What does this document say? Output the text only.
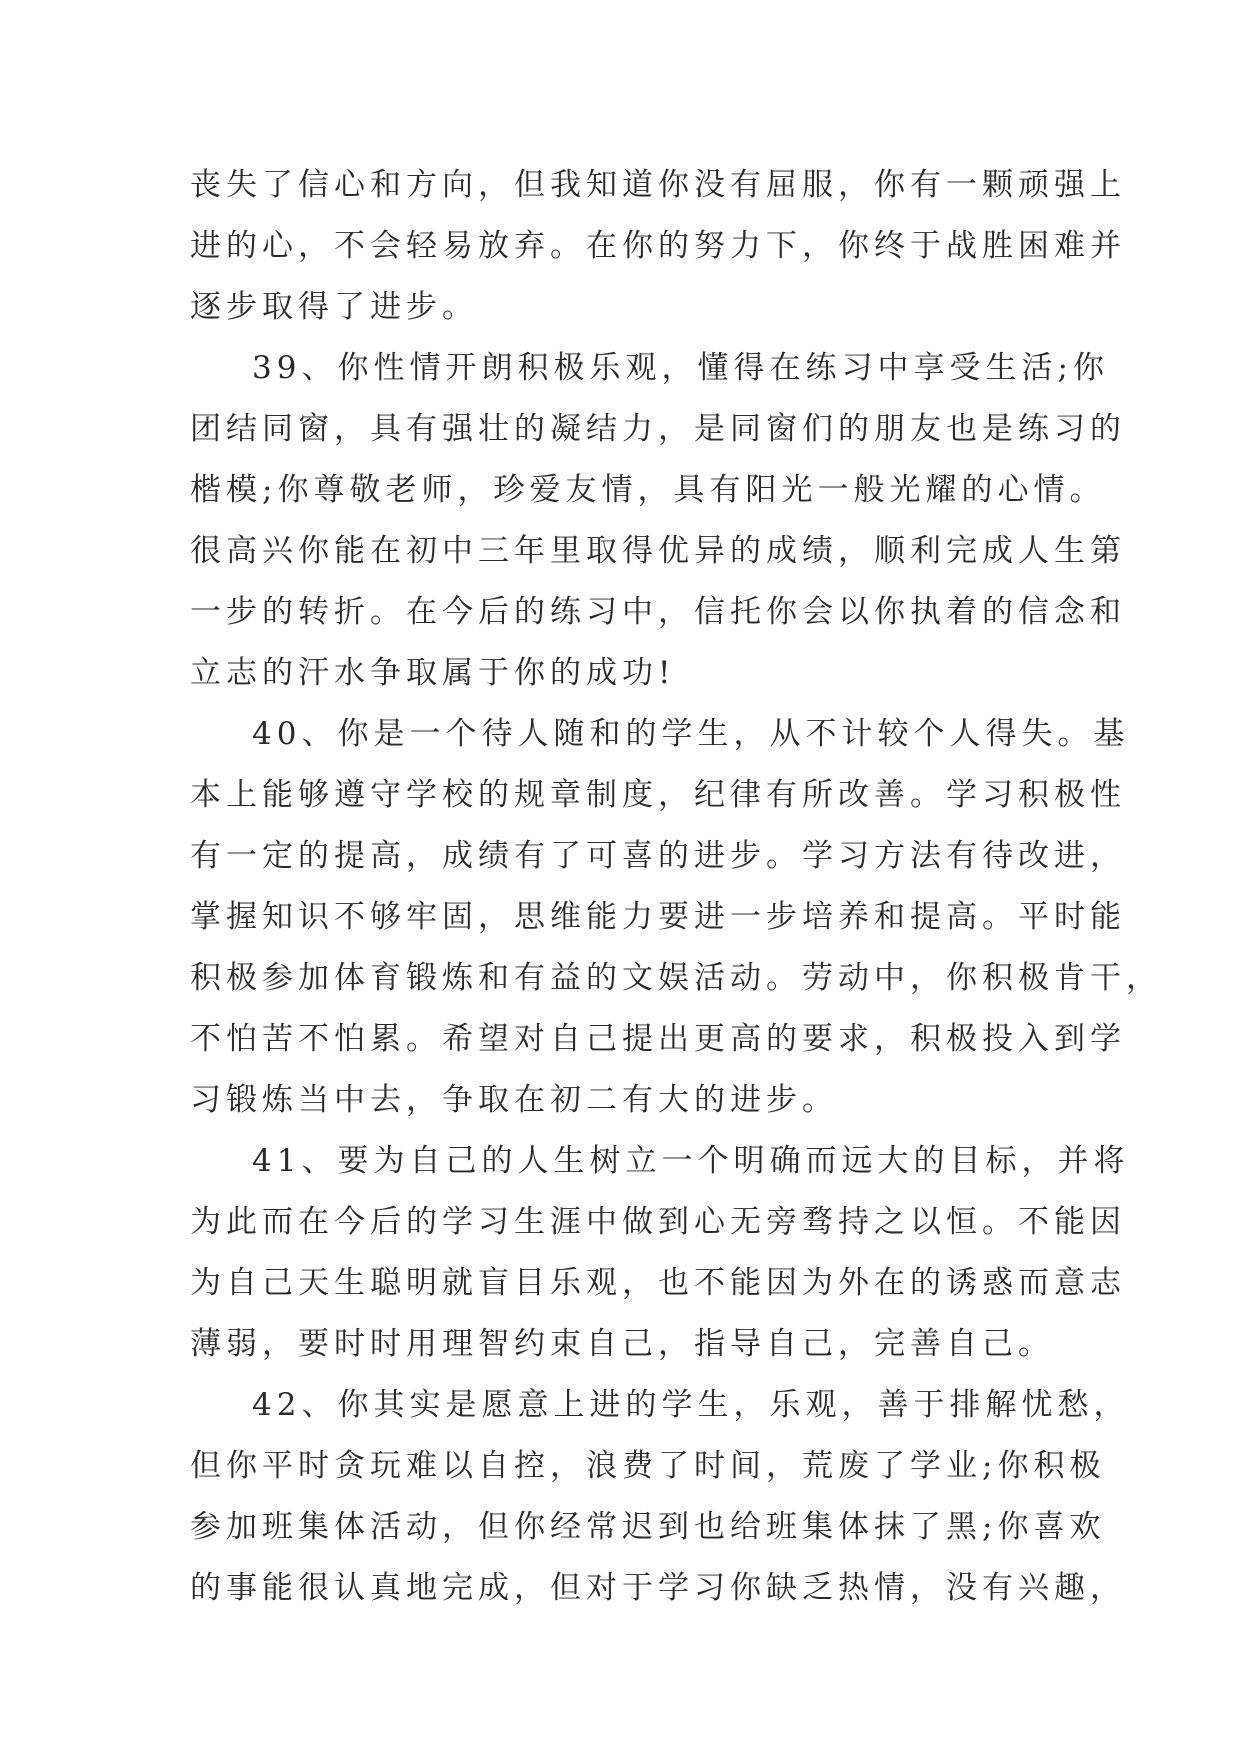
丧失了信心和方向，但我知道你没有屈服，你有一颗顽强上
进的心，不会轻易放弃。在你的努力下，你终于战胜困难并
逐步取得了进步。
39、你性情开朗积极乐观，懂得在练习中享受生活;你
团结同窗，具有强壮的凝结力，是同窗们的朋友也是练习的
楷模;你尊敬老师，珍爱友情，具有阳光一般光耀的心情。
很高兴你能在初中三年里取得优异的成绩，顺利完成人生第
一步的转折。在今后的练习中，信托你会以你执着的信念和
立志的汗水争取属于你的成功!
40、你是一个待人随和的学生，从不计较个人得失。基
本上能够遵守学校的规章制度，纪律有所改善。学习积极性
有一定的提高，成绩有了可喜的进步。学习方法有待改进，
掌握知识不够牢固，思维能力要进一步培养和提高。平时能
积极参加体育锻炼和有益的文娱活动。劳动中，你积极肯干，
不怕苦不怕累。希望对自己提出更高的要求，积极投入到学
习锻炼当中去，争取在初二有大的进步。
41、要为自己的人生树立一个明确而远大的目标，并将
为此而在今后的学习生涯中做到心无旁骛持之以恒。不能因
为自己天生聪明就盲目乐观，也不能因为外在的诱惑而意志
薄弱，要时时用理智约束自己，指导自己，完善自己。
42、你其实是愿意上进的学生，乐观，善于排解忧愁，
但你平时贪玩难以自控，浪费了时间，荒废了学业;你积极
参加班集体活动，但你经常迟到也给班集体抹了黑;你喜欢
的事能很认真地完成，但对于学习你缺乏热情，没有兴趣，
